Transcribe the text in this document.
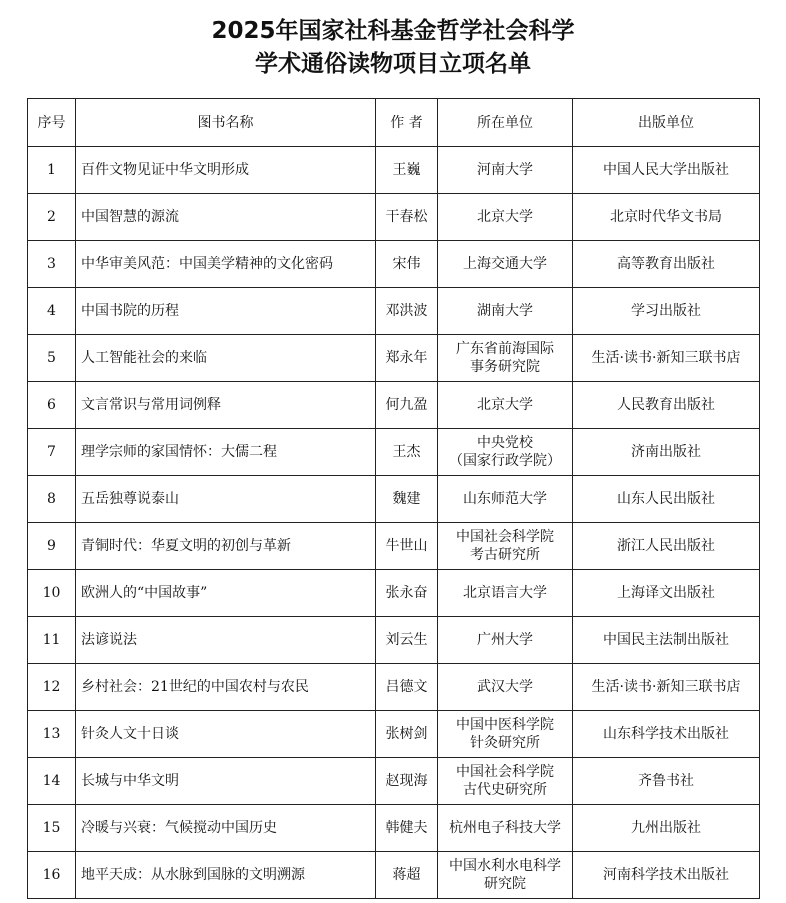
2025年国家社科基金哲学社会科学
学术通俗读物项目立项名单
序号	图书名称	作 者	所在单位	出版单位
1	百件文物见证中华文明形成	王巍	河南大学	中国人民大学出版社
2	中国智慧的源流	干春松	北京大学	北京时代华文书局
3	中华审美风范：中国美学精神的文化密码	宋伟	上海交通大学	高等教育出版社
4	中国书院的历程	邓洪波	湖南大学	学习出版社
5	人工智能社会的来临	郑永年	广东省前海国际
事务研究院	生活·读书·新知三联书店
6	文言常识与常用词例释	何九盈	北京大学	人民教育出版社
7	理学宗师的家国情怀：大儒二程	王杰	中央党校
（国家行政学院）	济南出版社
8	五岳独尊说泰山	魏建	山东师范大学	山东人民出版社
9	青铜时代：华夏文明的初创与革新	牛世山	中国社会科学院
考古研究所	浙江人民出版社
10	欧洲人的“中国故事”	张永奋	北京语言大学	上海译文出版社
11	法谚说法	刘云生	广州大学	中国民主法制出版社
12	乡村社会：21世纪的中国农村与农民	吕德文	武汉大学	生活·读书·新知三联书店
13	针灸人文十日谈	张树剑	中国中医科学院
针灸研究所	山东科学技术出版社
14	长城与中华文明	赵现海	中国社会科学院
古代史研究所	齐鲁书社
15	冷暖与兴衰：气候搅动中国历史	韩健夫	杭州电子科技大学	九州出版社
16	地平天成：从水脉到国脉的文明溯源	蒋超	中国水利水电科学
研究院	河南科学技术出版社
